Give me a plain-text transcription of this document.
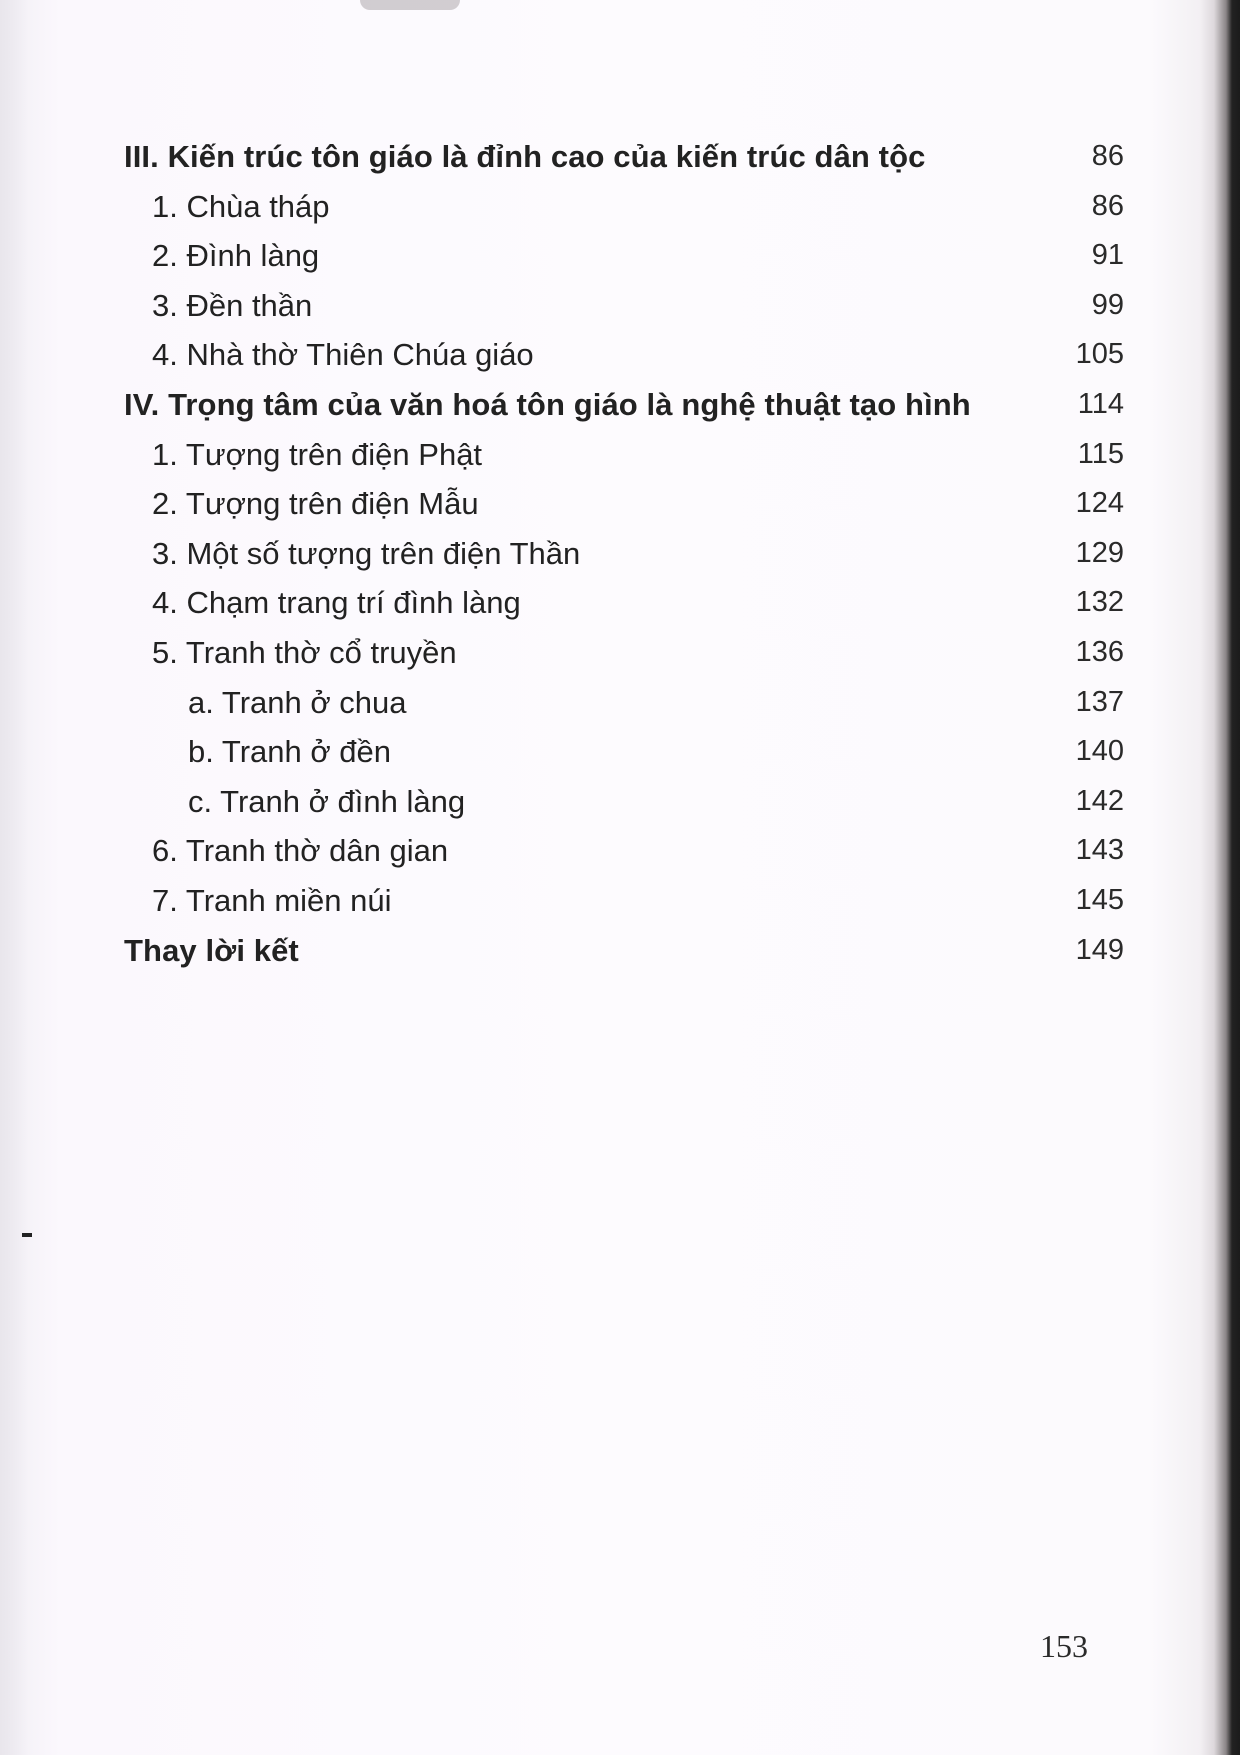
III. Kiến trúc tôn giáo là đỉnh cao của kiến trúc dân tộc	86
1. Chùa tháp	86
2. Đình làng	91
3. Đền thần	99
4. Nhà thờ Thiên Chúa giáo	105
IV. Trọng tâm của văn hoá tôn giáo là nghệ thuật tạo hình	114
1. Tượng trên điện Phật	115
2. Tượng trên điện Mẫu	124
3. Một số tượng trên điện Thần	129
4. Chạm trang trí đình làng	132
5. Tranh thờ cổ truyền	136
a. Tranh ở chua	137
b. Tranh ở đền	140
c. Tranh ở đình làng	142
6. Tranh thờ dân gian	143
7. Tranh miền núi	145
Thay lời kết	149
153
